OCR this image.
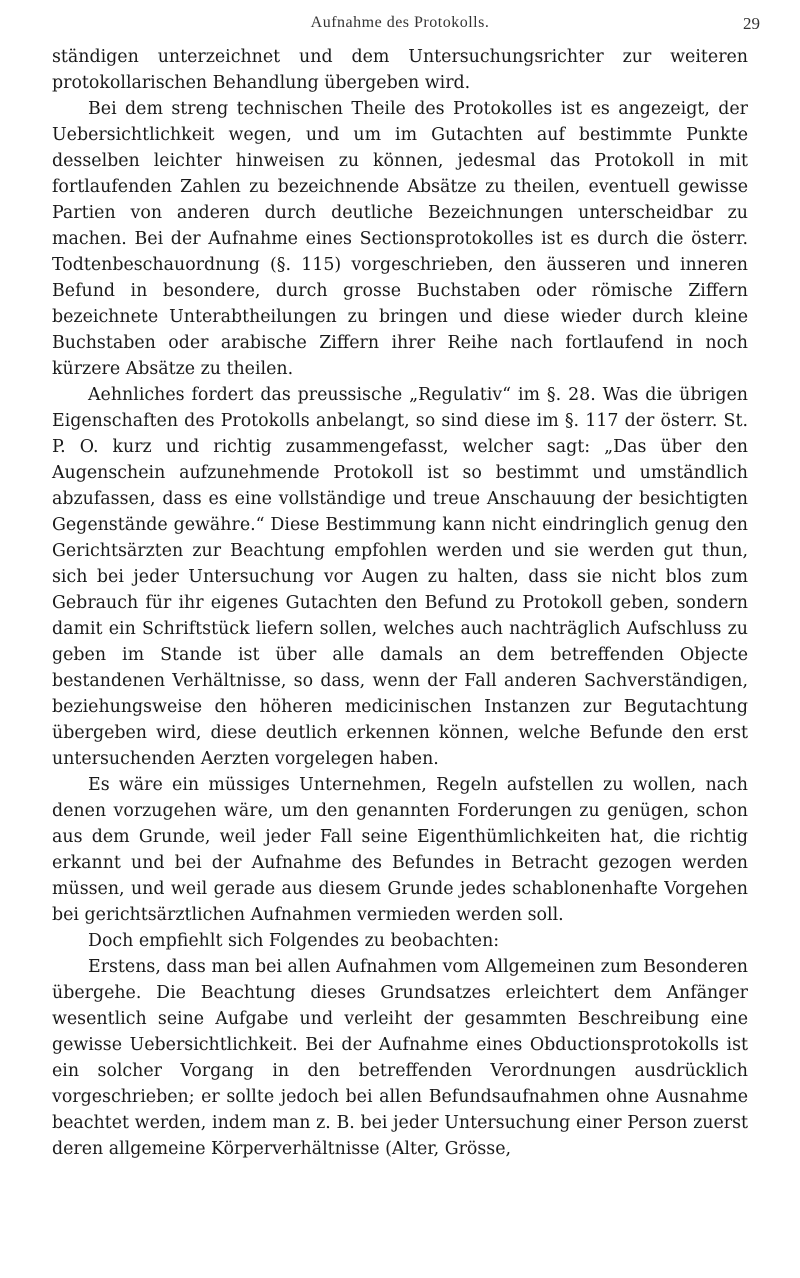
Aufnahme des Protokolls.	29

ständigen unterzeichnet und dem Untersuchungsrichter zur weiteren protokollarischen Behandlung übergeben wird.

Bei dem streng technischen Theile des Protokolles ist es angezeigt, der Uebersichtlichkeit wegen, und um im Gutachten auf bestimmte Punkte desselben leichter hinweisen zu können, jedesmal das Protokoll in mit fortlaufenden Zahlen zu bezeichnende Absätze zu theilen, eventuell gewisse Partien von anderen durch deutliche Bezeichnungen unterscheidbar zu machen. Bei der Aufnahme eines Sectionsprotokolles ist es durch die österr. Todtenbeschauordnung (§. 115) vorgeschrieben, den äusseren und inneren Befund in besondere, durch grosse Buchstaben oder römische Ziffern bezeichnete Unterabtheilungen zu bringen und diese wieder durch kleine Buchstaben oder arabische Ziffern ihrer Reihe nach fortlaufend in noch kürzere Absätze zu theilen.

Aehnliches fordert das preussische „Regulativ“ im §. 28. Was die übrigen Eigenschaften des Protokolls anbelangt, so sind diese im §. 117 der österr. St. P. O. kurz und richtig zusammengefasst, welcher sagt: „Das über den Augenschein aufzunehmende Protokoll ist so bestimmt und umständlich abzufassen, dass es eine vollständige und treue Anschauung der besichtigten Gegenstände gewähre.“ Diese Bestimmung kann nicht eindringlich genug den Gerichtsärzten zur Beachtung empfohlen werden und sie werden gut thun, sich bei jeder Untersuchung vor Augen zu halten, dass sie nicht blos zum Gebrauch für ihr eigenes Gutachten den Befund zu Protokoll geben, sondern damit ein Schriftstück liefern sollen, welches auch nachträglich Aufschluss zu geben im Stande ist über alle damals an dem betreffenden Objecte bestandenen Verhältnisse, so dass, wenn der Fall anderen Sachverständigen, beziehungsweise den höheren medicinischen Instanzen zur Begutachtung übergeben wird, diese deutlich erkennen können, welche Befunde den erst untersuchenden Aerzten vorgelegen haben.

Es wäre ein müssiges Unternehmen, Regeln aufstellen zu wollen, nach denen vorzugehen wäre, um den genannten Forderungen zu genügen, schon aus dem Grunde, weil jeder Fall seine Eigenthümlichkeiten hat, die richtig erkannt und bei der Aufnahme des Befundes in Betracht gezogen werden müssen, und weil gerade aus diesem Grunde jedes schablonenhafte Vorgehen bei gerichtsärztlichen Aufnahmen vermieden werden soll.

Doch empfiehlt sich Folgendes zu beobachten:

Erstens, dass man bei allen Aufnahmen vom Allgemeinen zum Besonderen übergehe. Die Beachtung dieses Grundsatzes erleichtert dem Anfänger wesentlich seine Aufgabe und verleiht der gesammten Beschreibung eine gewisse Uebersichtlichkeit. Bei der Aufnahme eines Obductionsprotokolls ist ein solcher Vorgang in den betreffenden Verordnungen ausdrücklich vorgeschrieben; er sollte jedoch bei allen Befundsaufnahmen ohne Ausnahme beachtet werden, indem man z. B. bei jeder Untersuchung einer Person zuerst deren allgemeine Körperverhältnisse (Alter, Grösse,
